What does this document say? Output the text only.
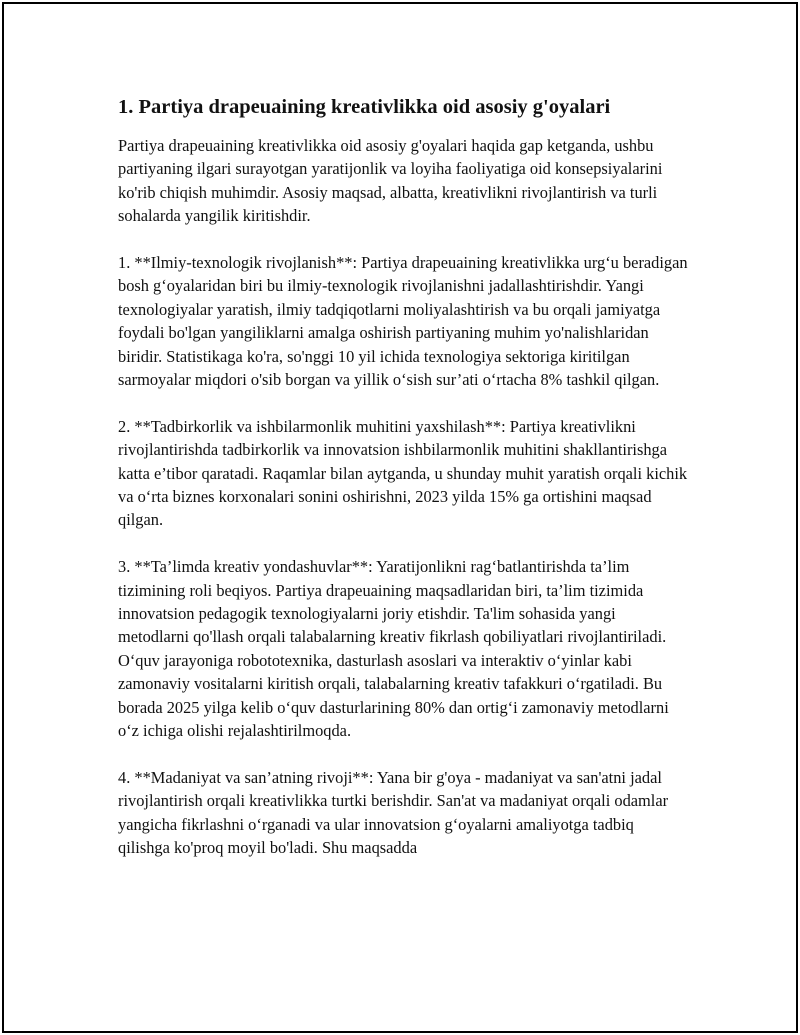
1. Partiya drapeuaining kreativlikka oid asosiy g'oyalari

Partiya drapeuaining kreativlikka oid asosiy g'oyalari haqida gap ketganda, ushbu partiyaning ilgari surayotgan yaratijonlik va loyiha faoliyatiga oid konsepsiyalarini ko'rib chiqish muhimdir. Asosiy maqsad, albatta, kreativlikni rivojlantirish va turli sohalarda yangilik kiritishdir.

1. **Ilmiy-texnologik rivojlanish**: Partiya drapeuaining kreativlikka urg‘u beradigan bosh g‘oyalaridan biri bu ilmiy-texnologik rivojlanishni jadallashtirishdir. Yangi texnologiyalar yaratish, ilmiy tadqiqotlarni moliyalashtirish va bu orqali jamiyatga foydali bo'lgan yangiliklarni amalga oshirish partiyaning muhim yo'nalishlaridan biridir. Statistikaga ko'ra, so'nggi 10 yil ichida texnologiya sektoriga kiritilgan sarmoyalar miqdori o'sib borgan va yillik o‘sish sur’ati o‘rtacha 8% tashkil qilgan.

2. **Tadbirkorlik va ishbilarmonlik muhitini yaxshilash**: Partiya kreativlikni rivojlantirishda tadbirkorlik va innovatsion ishbilarmonlik muhitini shakllantirishga katta e’tibor qaratadi. Raqamlar bilan aytganda, u shunday muhit yaratish orqali kichik va o‘rta biznes korxonalari sonini oshirishni, 2023 yilda 15% ga ortishini maqsad qilgan.

3. **Ta’limda kreativ yondashuvlar**: Yaratijonlikni rag‘batlantirishda ta’lim tizimining roli beqiyos. Partiya drapeuaining maqsadlaridan biri, ta’lim tizimida innovatsion pedagogik texnologiyalarni joriy etishdir. Ta'lim sohasida yangi metodlarni qo'llash orqali talabalarning kreativ fikrlash qobiliyatlari rivojlantiriladi. O‘quv jarayoniga robototexnika, dasturlash asoslari va interaktiv o‘yinlar kabi zamonaviy vositalarni kiritish orqali, talabalarning kreativ tafakkuri o‘rgatiladi. Bu borada 2025 yilga kelib o‘quv dasturlarining 80% dan ortig‘i zamonaviy metodlarni o‘z ichiga olishi rejalashtirilmoqda.

4. **Madaniyat va san’atning rivoji**: Yana bir g'oya - madaniyat va san'atni jadal rivojlantirish orqali kreativlikka turtki berishdir. San'at va madaniyat orqali odamlar yangicha fikrlashni o‘rganadi va ular innovatsion g‘oyalarni amaliyotga tadbiq qilishga ko'proq moyil bo'ladi. Shu maqsadda
